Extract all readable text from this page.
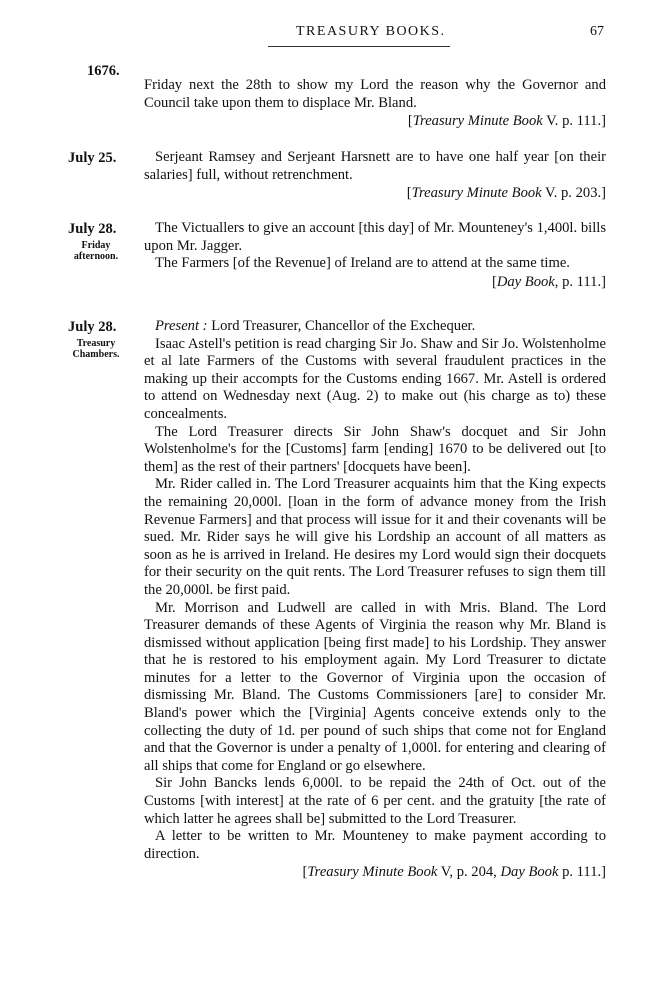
TREASURY BOOKS.	67
1676.

Friday next the 28th to show my Lord the reason why the Governor and Council take upon them to displace Mr. Bland.

[Treasury Minute Book V. p. 111.]

July 25.	Serjeant Ramsey and Serjeant Harsnett are to have one half year [on their salaries] full, without retrenchment.

[Treasury Minute Book V. p. 203.]

July 28.
Friday
afternoon.

The Victuallers to give an account [this day] of Mr. Mounteney's 1,400l. bills upon Mr. Jagger.

The Farmers [of the Revenue] of Ireland are to attend at the same time.

[Day Book, p. 111.]

July 28.
Treasury
Chambers.

Present : Lord Treasurer, Chancellor of the Exchequer.

Isaac Astell's petition is read charging Sir Jo. Shaw and Sir Jo. Wolstenholme et al late Farmers of the Customs with several fraudulent practices in the making up their accompts for the Customs ending 1667. Mr. Astell is ordered to attend on Wednesday next (Aug. 2) to make out (his charge as to) these concealments.

The Lord Treasurer directs Sir John Shaw's docquet and Sir John Wolstenholme's for the [Customs] farm [ending] 1670 to be delivered out [to them] as the rest of their partners' [docquets have been].

Mr. Rider called in. The Lord Treasurer acquaints him that the King expects the remaining 20,000l. [loan in the form of advance money from the Irish Revenue Farmers] and that process will issue for it and their covenants will be sued. Mr. Rider says he will give his Lordship an account of all matters as soon as he is arrived in Ireland. He desires my Lord would sign their docquets for their security on the quit rents. The Lord Treasurer refuses to sign them till the 20,000l. be first paid.

Mr. Morrison and Ludwell are called in with Mris. Bland. The Lord Treasurer demands of these Agents of Virginia the reason why Mr. Bland is dismissed without application [being first made] to his Lordship. They answer that he is restored to his employment again. My Lord Treasurer to dictate minutes for a letter to the Governor of Virginia upon the occasion of dismissing Mr. Bland. The Customs Commissioners [are] to consider Mr. Bland's power which the [Virginia] Agents conceive extends only to the collecting the duty of 1d. per pound of such ships that come not for England and that the Governor is under a penalty of 1,000l. for entering and clearing of all ships that come for England or go elsewhere.

Sir John Bancks lends 6,000l. to be repaid the 24th of Oct. out of the Customs [with interest] at the rate of 6 per cent. and the gratuity [the rate of which latter he agrees shall be] submitted to the Lord Treasurer.

A letter to be written to Mr. Mounteney to make payment according to direction.

[Treasury Minute Book V, p. 204, Day Book p. 111.]
